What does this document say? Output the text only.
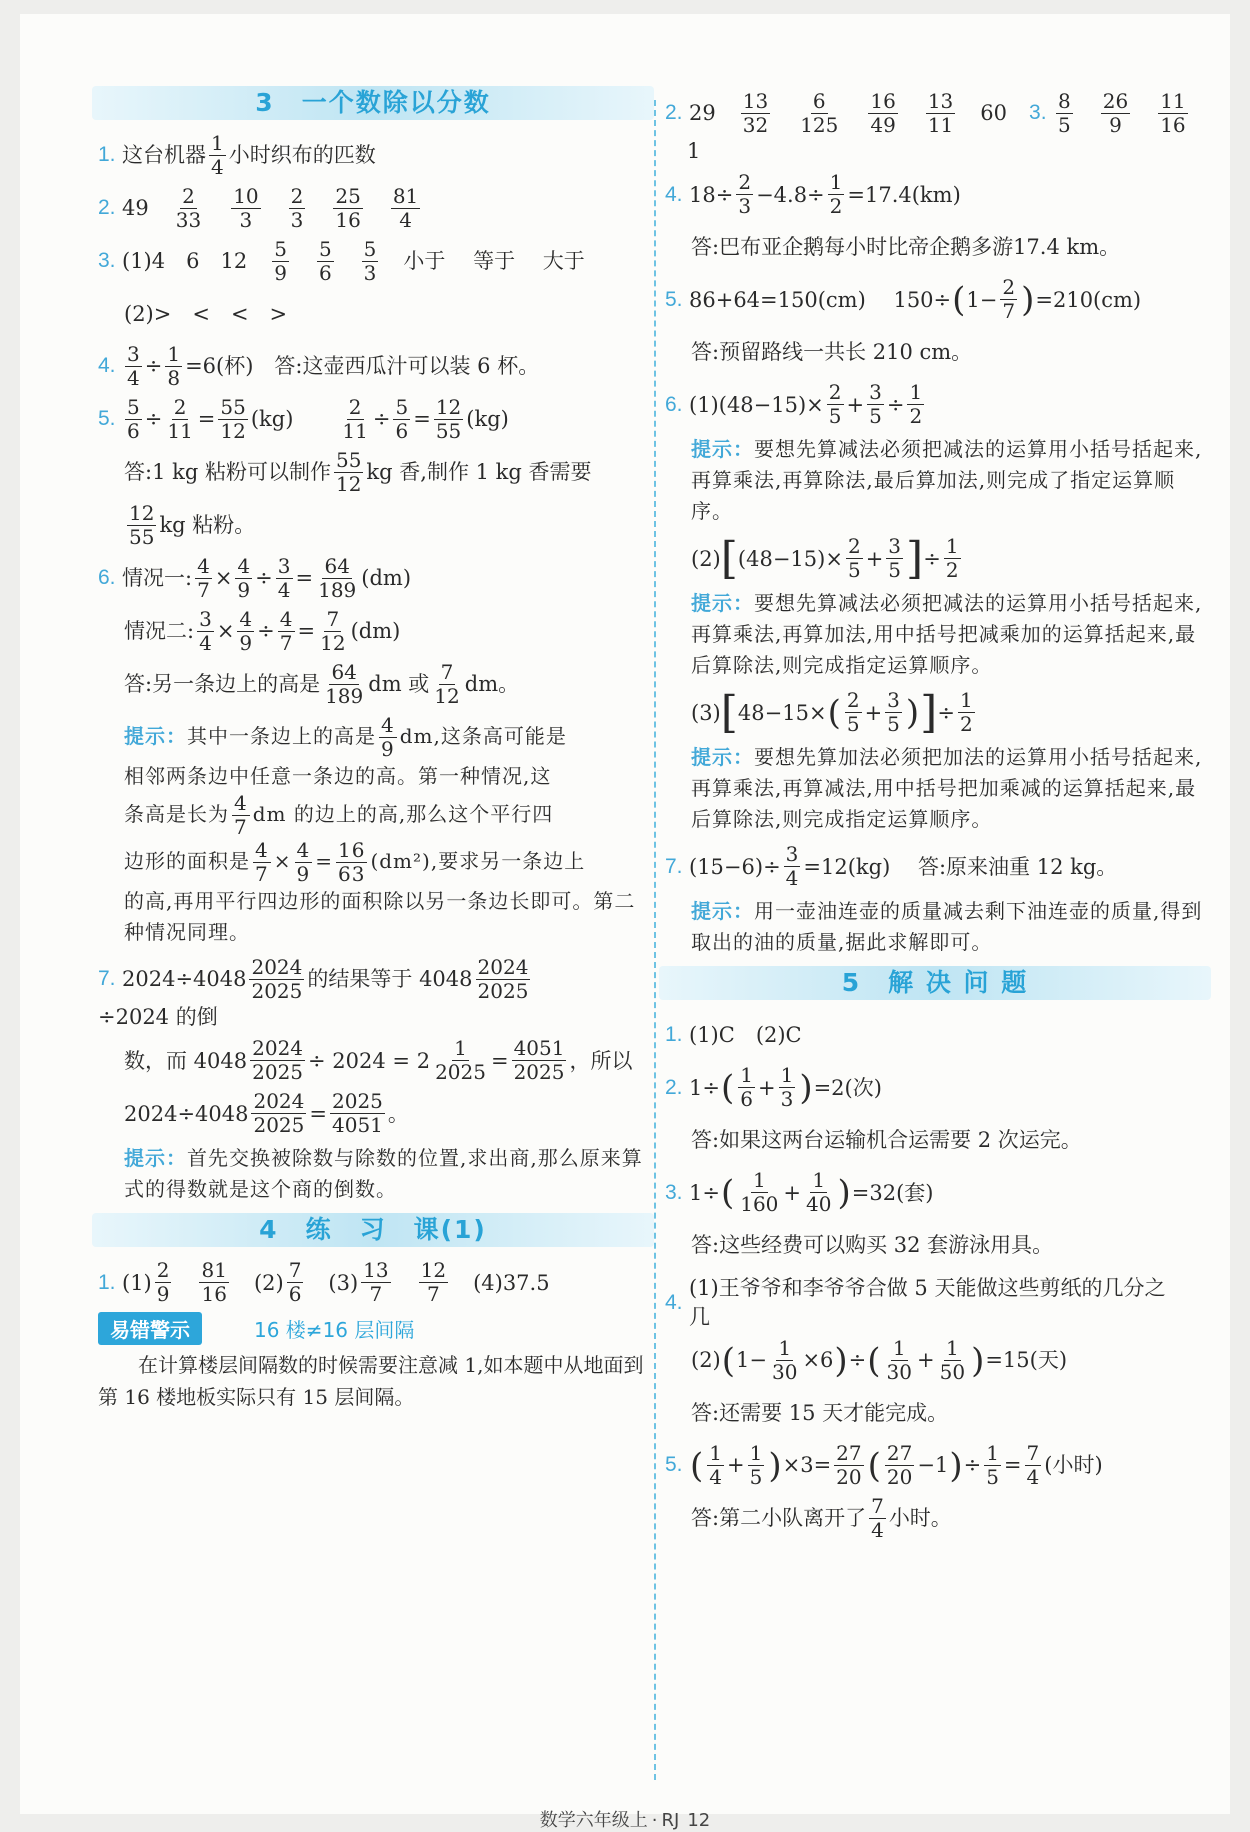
3　一个数除以分数
1. 这台机器 $\frac{1}{4}$ 小时织布的匹数
2. $49 \frac{2}{33} \frac{10}{3} \frac{2}{3} \frac{25}{16} \frac{81}{4}$
3. (1)4　6　$12 \frac{5}{9} \frac{5}{6} \frac{5}{3}$ 小于　 等于　 大于
(2)>　<　<　>
4. $\frac{3}{4} \div \frac{1}{8} =6$(杯)　答:这壶西瓜汁可以装 6 杯。
5. $\frac{5}{6} \div \frac{2}{11} = \frac{55}{12} (kg) \frac{2}{11} \div \frac{5}{6} = \frac{12}{55} (kg)$
答:1 kg 粘粉可以制作 $\frac{55}{12}$ kg 香,制作 1 kg 香需要
$\frac{12}{55}$ kg 粘粉。
6. 情况一: $\frac{4}{7} \times \frac{4}{9} \div \frac{3}{4} = \frac{64}{189} (dm)$
情况二: $\frac{3}{4} \times \frac{4}{9} \div \frac{4}{7} = \frac{7}{12} (dm)$
答:另一条边上的高是 $\frac{64}{189}$ dm 或 $\frac{7}{12}$ dm。
提示：其中一条边上的高是 $\frac{4}{9}$ dm,这条高可能是
相邻两条边中任意一条边的高。第一种情况,这
条高是长为 $\frac{4}{7}$ dm 的边上的高,那么这个平行四
边形的面积是 $\frac{4}{7} \times \frac{4}{9} = \frac{16}{63} (dm^2)$,要求另一条边上
的高,再用平行四边形的面积除以另一条边长即可。第二种情况同理。
7. $2024\div 4048 \frac{2024}{2025}$ 的结果等于 $4048 \frac{2024}{2025}$
÷2024 的倒
数，而 $4048 \frac{2024}{2025} \div 2024 = 2 \frac{1}{2025} = \frac{4051}{2025}$ ，所以
$2024\div 4048 \frac{2024}{2025} = \frac{2025}{4051}$ 。
提示：首先交换被除数与除数的位置,求出商,那么原来算式的得数就是这个商的倒数。
4　练　习　课(1)
1. $(1) \frac{2}{9} \frac{81}{16} (2) \frac{7}{6} (3) \frac{13}{7} \frac{12}{7} (4)37.5$
易错警示	16 楼≠16 层间隔
在计算楼层间隔数的时候需要注意减 1,如本题中从地面到第 16 楼地板实际只有 15 层间隔。
2. $29 \frac{13}{32} \frac{6}{125} \frac{16}{49} \frac{13}{11} 60$ 3. $\frac{8}{5} \frac{26}{9} \frac{11}{16}$
1
4. $18\div \frac{2}{3} -4.8\div \frac{1}{2} =17.4(km)$
答:巴布亚企鹅每小时比帝企鹅多游17.4 km。
5. 86+64=150(cm)　 150÷ ( $1- \frac{2}{7}$ ) =210(cm)
答:预留路线一共长 210 cm。
6. $(1)(48-15)\times \frac{2}{5} + \frac{3}{5} \div \frac{1}{2}$
提示：要想先算减法必须把减法的运算用小括号括起来,再算乘法,再算除法,最后算加法,则完成了指定运算顺序。
(2) [ $(48-15)\times \frac{2}{5} + \frac{3}{5}$ ] ÷ $\frac{1}{2}$
提示：要想先算减法必须把减法的运算用小括号括起来,再算乘法,再算加法,用中括号把减乘加的运算括起来,最后算除法,则完成指定运算顺序。
(3) [ 48−15× ( $\frac{2}{5} + \frac{3}{5}$ ) ] ÷ $\frac{1}{2}$
提示：要想先算加法必须把加法的运算用小括号括起来,再算乘法,再算减法,用中括号把加乘减的运算括起来,最后算除法,则完成指定运算顺序。
7. $(15-6)\div \frac{3}{4} =12(kg)$　 答:原来油重 12 kg。
提示：用一壶油连壶的质量减去剩下油连壶的质量,得到取出的油的质量,据此求解即可。
5　解 决 问 题
1. (1)C　(2)C
2. 1÷ ( $\frac{1}{6} + \frac{1}{3}$ ) =2(次)
答:如果这两台运输机合运需要 2 次运完。
3. 1÷ ( $\frac{1}{160} + \frac{1}{40}$ ) =32(套)
答:这些经费可以购买 32 套游泳用具。
4.
(1)王爷爷和李爷爷合做 5 天能做这些剪纸的几分之几
(2) ( $1- \frac{1}{30} \times 6$ ) ÷ ( $\frac{1}{30} + \frac{1}{50}$ ) =15(天)
答:还需要 15 天才能完成。
5. ( $\frac{1}{4} + \frac{1}{5}$ ) $\times 3= \frac{27}{20}$ ( $\frac{27}{20} -1$ ) ÷ $\frac{1}{5} = \frac{7}{4}$ (小时)
答:第二小队离开了 $\frac{7}{4}$ 小时。
数学六年级上 · RJ 12
